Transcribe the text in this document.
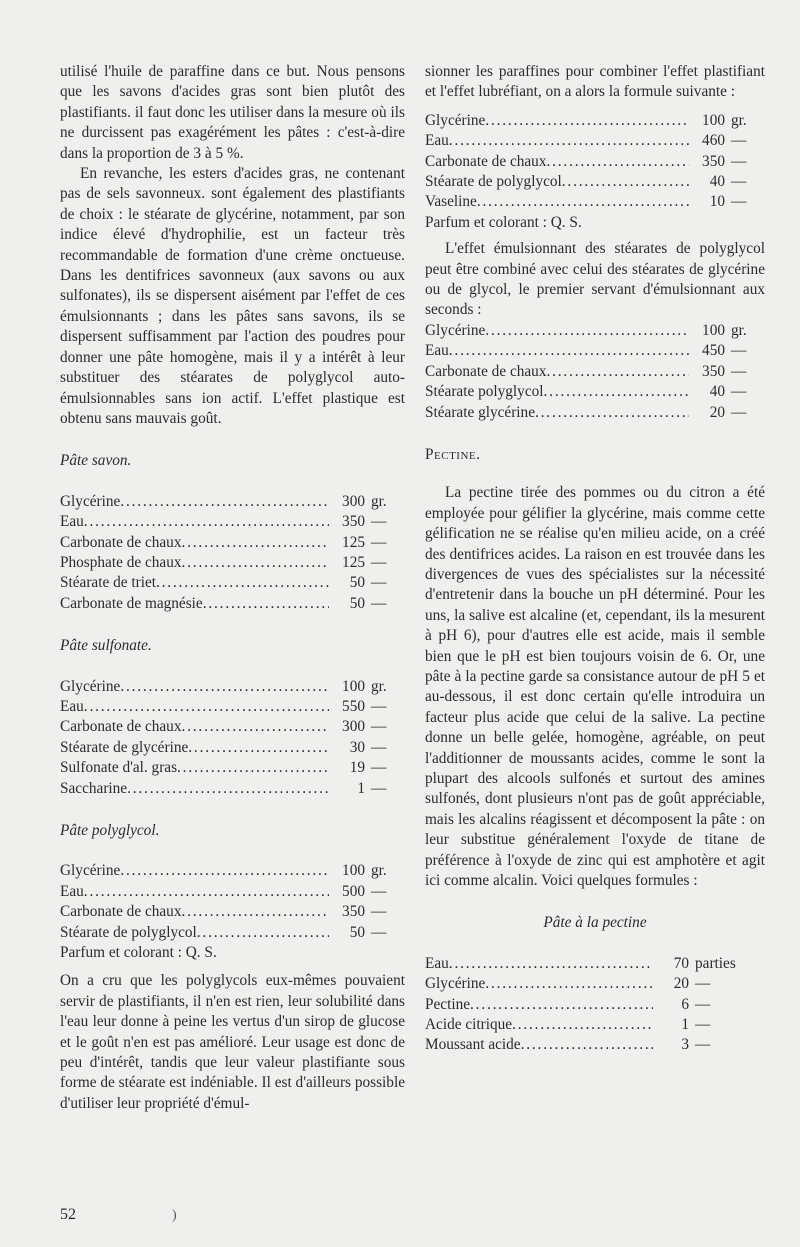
utilisé l'huile de paraffine dans ce but. Nous pensons que les savons d'acides gras sont bien plutôt des plastifiants. il faut donc les utiliser dans la mesure où ils ne durcissent pas exagérément les pâtes : c'est-à-dire dans la proportion de 3 à 5 %.

En revanche, les esters d'acides gras, ne contenant pas de sels savonneux. sont également des plastifiants de choix : le stéarate de glycérine, notamment, par son indice élevé d'hydrophilie, est un facteur très recommandable de formation d'une crème onctueuse. Dans les dentifrices savonneux (aux savons ou aux sulfonates), ils se dispersent aisément par l'effet de ces émulsionnants ; dans les pâtes sans savons, ils se dispersent suffisamment par l'action des poudres pour donner une pâte homogène, mais il y a intérêt à leur substituer des stéarates de polyglycol auto-émulsionnables sans ion actif. L'effet plastique est obtenu sans mauvais goût.

Pâte savon.
Glycérine . . .	300 gr.
Eau . . .	350 —
Carbonate de chaux . . .	125 —
Phosphate de chaux . . .	125 —
Stéarate de triet . . .	50 —
Carbonate de magnésie . . .	50 —
Pâte sulfonate.
Glycérine . . .	100 gr.
Eau . . .	550 —
Carbonate de chaux . . .	300 —
Stéarate de glycérine . . .	30 —
Sulfonate d'al. gras . . .	19 —
Saccharine . . .	1 —
Pâte polyglycol.
Glycérine . . .	100 gr.
Eau . . .	500 —
Carbonate de chaux . . .	350 —
Stéarate de polyglycol . . .	50 —

Parfum et colorant : Q. S.

On a cru que les polyglycols eux-mêmes pouvaient servir de plastifiants, il n'en est rien, leur solubilité dans l'eau leur donne à peine les vertus d'un sirop de glucose et le goût n'en est pas amélioré. Leur usage est donc de peu d'intérêt, tandis que leur valeur plastifiante sous forme de stéarate est indéniable. Il est d'ailleurs possible d'utiliser leur propriété d'émul-

sionner les paraffines pour combiner l'effet plastifiant et l'effet lubréfiant, on a alors la formule suivante :

Glycérine . . .	100 gr.
Eau . . .	460 —
Carbonate de chaux . . .	350 —
Stéarate de polyglycol . . .	40 —
Vaseline . . .	10 —

Parfum et colorant : Q. S.

L'effet émulsionnant des stéarates de polyglycol peut être combiné avec celui des stéarates de glycérine ou de glycol, le premier servant d'émulsionnant aux seconds :

Glycérine . . .	100 gr.
Eau . . .	450 —
Carbonate de chaux . . .	350 —
Stéarate polyglycol . . .	40 —
Stéarate glycérine . . .	20 —
Pectine.

La pectine tirée des pommes ou du citron a été employée pour gélifier la glycérine, mais comme cette gélification ne se réalise qu'en milieu acide, on a créé des dentifrices acides. La raison en est trouvée dans les divergences de vues des spécialistes sur la nécessité d'entretenir dans la bouche un pH déterminé. Pour les uns, la salive est alcaline (et, cependant, ils la mesurent à pH 6), pour d'autres elle est acide, mais il semble bien que le pH est bien toujours voisin de 6. Or, une pâte à la pectine garde sa consistance autour de pH 5 et au-dessous, il est donc certain qu'elle introduira un facteur plus acide que celui de la salive. La pectine donne un belle gelée, homogène, agréable, on peut l'additionner de moussants acides, comme le sont la plupart des alcools sulfonés et surtout des amines sulfonés, dont plusieurs n'ont pas de goût appréciable, mais les alcalins réagissent et décomposent la pâte : on leur substitue généralement l'oxyde de titane de préférence à l'oxyde de zinc qui est amphotère et agit ici comme alcalin. Voici quelques formules :

Pâte à la pectine
Eau . . .	70 parties
Glycérine . . .	20 —
Pectine . . .	6 —
Acide citrique . . .	1 —
Moussant acide . . .	3 —
52	)
